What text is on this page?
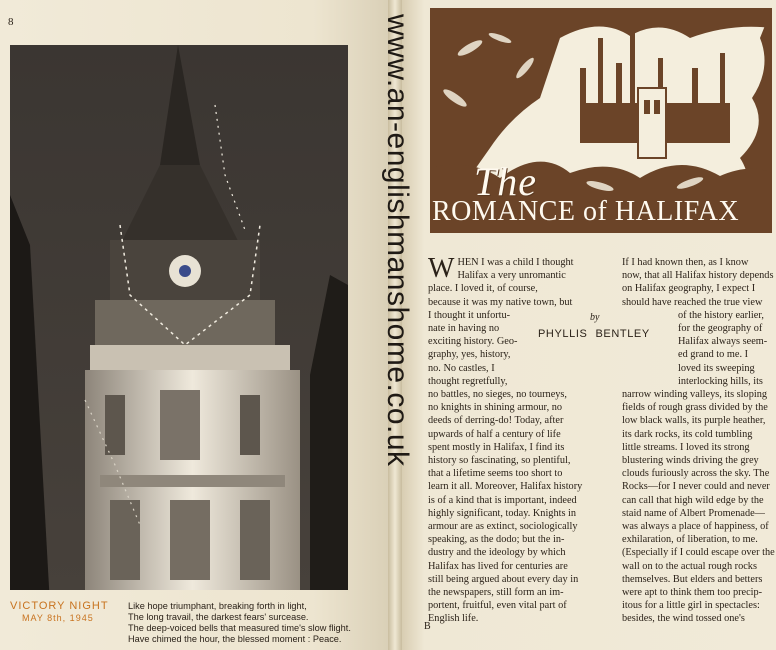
8
VICTORY NIGHT
MAY 8th, 1945
Like hope triumphant, breaking forth in light,
The long travail, the darkest fears' surcease.
The deep-voiced bells that measured time's slow flight.
Have chimed the hour, the blessed moment : Peace.
The
ROMANCE of HALIFAX
W HEN I was a child I thought
Halifax a very unromantic
place. I loved it, of course,
because it was my native town, but
I thought it unfortu-
nate in having no
exciting history. Geo-
graphy, yes, history,
no. No castles, I
thought regretfully,
no battles, no sieges, no tourneys,
no knights in shining armour, no
deeds of derring-do! Today, after
upwards of half a century of life
spent mostly in Halifax, I find its
history so fascinating, so plentiful,
that a lifetime seems too short to
learn it all. Moreover, Halifax history
is of a kind that is important, indeed
highly significant, today. Knights in
armour are as extinct, sociologically
speaking, as the dodo; but the in-
dustry and the ideology by which
Halifax has lived for centuries are
still being argued about every day in
the newspapers, still form an im-
portent, fruitful, even vital part of
English life.
by
PHYLLIS BENTLEY
If I had known then, as I know
now, that all Halifax history depends
on Halifax geography, I expect I
should have reached the true view
of the history earlier,
for the geography of
Halifax always seem-
ed grand to me. I
loved its sweeping
interlocking hills, its
narrow winding valleys, its sloping
fields of rough grass divided by the
low black walls, its purple heather,
its dark rocks, its cold tumbling
little streams. I loved its strong
blustering winds driving the grey
clouds furiously across the sky. The
Rocks—for I never could and never
can call that high wild edge by the
staid name of Albert Promenade—
was always a place of happiness, of
exhilaration, of liberation, to me.
(Especially if I could escape over the
wall on to the actual rough rocks
themselves. But elders and betters
were apt to think them too precip-
itous for a little girl in spectacles:
besides, the wind tossed one's
B
www.an-englishmanshome.co.uk
